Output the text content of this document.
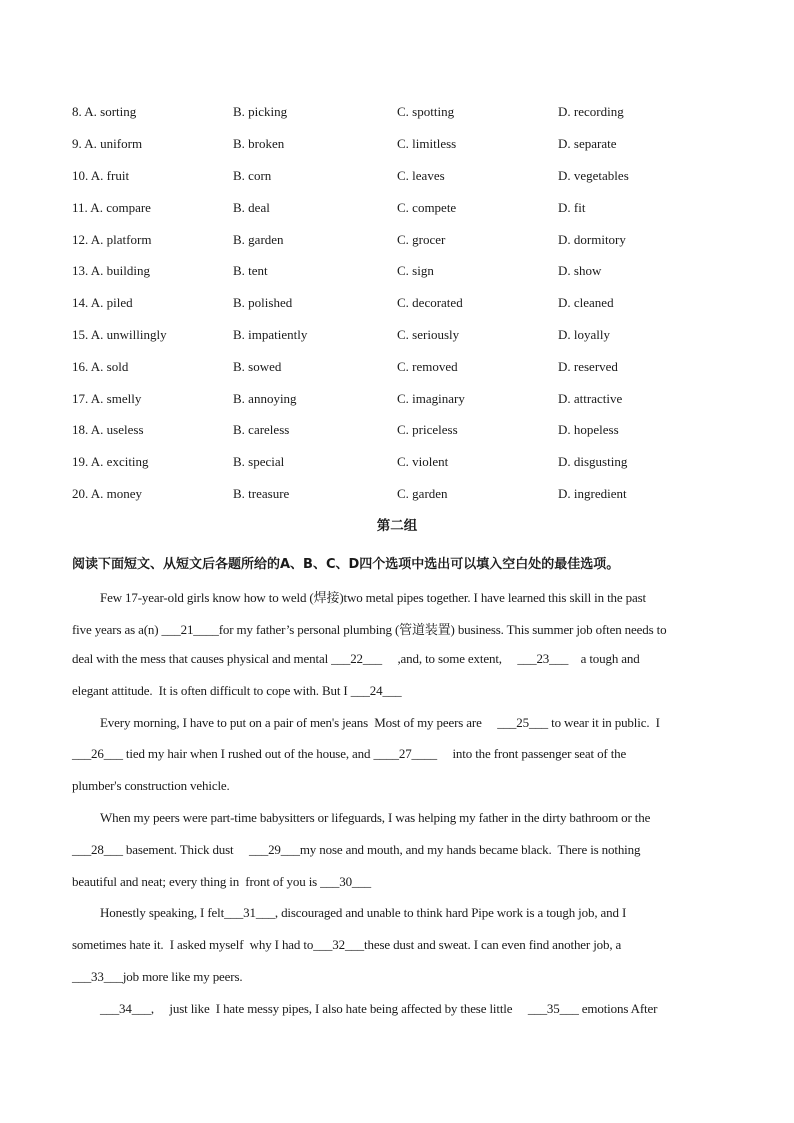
8. A. sorting	B. picking	C. spotting	D. recording
9. A. uniform	B. broken	C. limitless	D. separate
10. A. fruit	B. corn	C. leaves	D. vegetables
11. A. compare	B. deal	C. compete	D. fit
12. A. platform	B. garden	C. grocer	D. dormitory
13. A. building	B. tent	C. sign	D. show
14. A. piled	B. polished	C. decorated	D. cleaned
15. A. unwillingly	B. impatiently	C. seriously	D. loyally
16. A. sold	B. sowed	C. removed	D. reserved
17. A. smelly	B. annoying	C. imaginary	D. attractive
18. A. useless	B. careless	C. priceless	D. hopeless
19. A. exciting	B. special	C. violent	D. disgusting
20. A. money	B. treasure	C. garden	D. ingredient
第二组
阅读下面短文、从短文后各题所给的A、B、C、D四个选项中选出可以填入空白处的最佳选项。
Few 17-year-old girls know how to weld (焊接)two metal pipes together. I have learned this skill in the past
five years as a(n) ___21____for my father’s personal plumbing (管道装置) business. This summer job often needs to
deal with the mess that causes physical and mental ___22___     ,and, to some extent,     ___23___    a tough and
elegant attitude.  It is often difficult to cope with. But I ___24___
Every morning, I have to put on a pair of men's jeans  Most of my peers are     ___25___ to wear it in public.  I
___26___ tied my hair when I rushed out of the house, and ____27____     into the front passenger seat of the
plumber's construction vehicle.
When my peers were part-time babysitters or lifeguards, I was helping my father in the dirty bathroom or the
___28___ basement. Thick dust     ___29___my nose and mouth, and my hands became black.  There is nothing
beautiful and neat; every thing in  front of you is ___30___
Honestly speaking, I felt___31___, discouraged and unable to think hard Pipe work is a tough job, and I
sometimes hate it.  I asked myself  why I had to___32___these dust and sweat. I can even find another job, a
___33___job more like my peers.
___34___,     just like  I hate messy pipes, I also hate being affected by these little     ___35___ emotions After
